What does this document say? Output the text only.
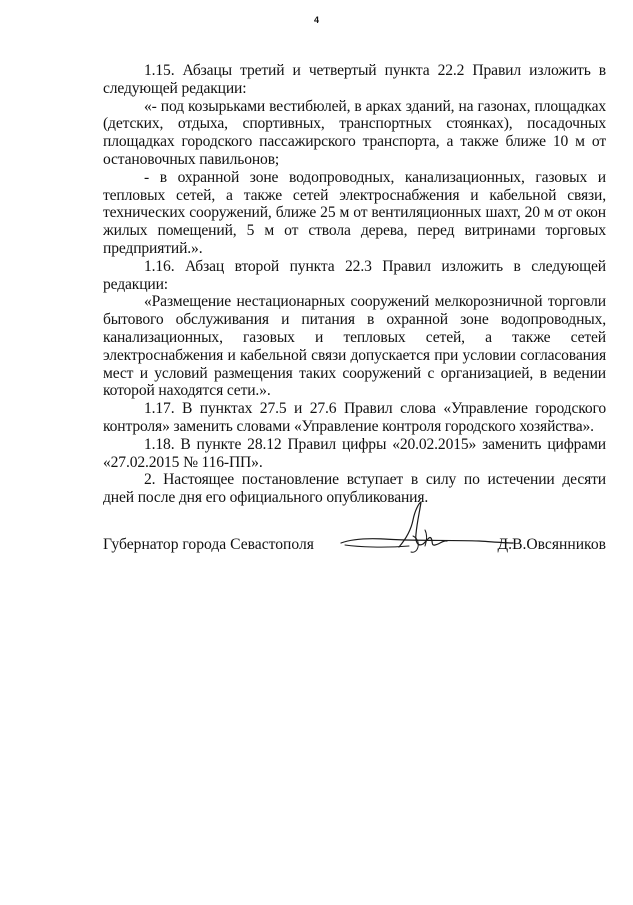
4

1.15. Абзацы третий и четвертый пункта 22.2 Правил изложить в следующей редакции:

«- под козырьками вестибюлей, в арках зданий, на газонах, площадках (детских, отдыха, спортивных, транспортных стоянках), посадочных площадках городского пассажирского транспорта, а также ближе 10 м от остановочных павильонов;

- в охранной зоне водопроводных, канализационных, газовых и тепловых сетей, а также сетей электроснабжения и кабельной связи, технических сооружений, ближе 25 м от вентиляционных шахт, 20 м от окон жилых помещений, 5 м от ствола дерева, перед витринами торговых предприятий.».

1.16. Абзац второй пункта 22.3 Правил изложить в следующей редакции:

«Размещение нестационарных сооружений мелкорозничной торговли бытового обслуживания и питания в охранной зоне водопроводных, канализационных, газовых и тепловых сетей, а также сетей электроснабжения и кабельной связи допускается при условии согласования мест и условий размещения таких сооружений с организацией, в ведении которой находятся сети.».

1.17. В пунктах 27.5 и 27.6 Правил слова «Управление городского контроля» заменить словами «Управление контроля городского хозяйства».

1.18. В пункте 28.12 Правил цифры «20.02.2015» заменить цифрами «27.02.2015 № 116-ПП».

2. Настоящее постановление вступает в силу по истечении десяти дней после дня его официального опубликования.

Губернатор города Севастополя	Д.В.Овсянников
